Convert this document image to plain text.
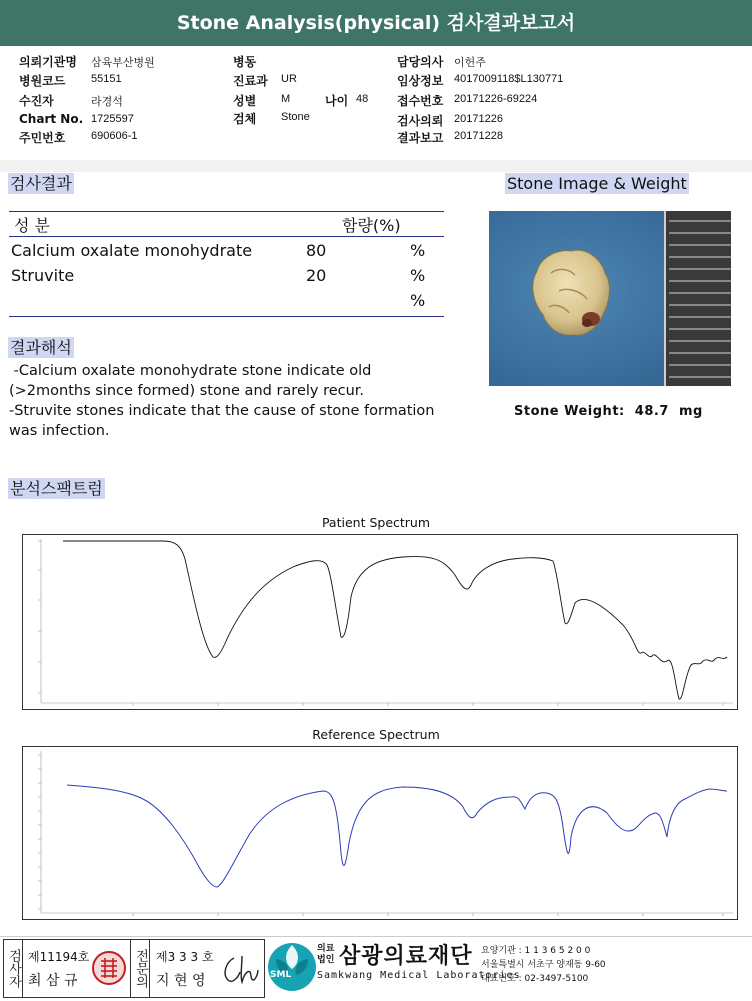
Stone Analysis(physical) 검사결과보고서
의뢰기관명 삼육부산병원
병원코드 55151
수진자	라경석
Chart No. 1725597
주민번호 690606-1
병동
진료과 UR
성별 M	나이 48
검체 Stone
담당의사 이헌주
임상정보 4017009118$L130771
접수번호 20171226-69224
검사의뢰 20171226
결과보고 20171228
검사결과
성 분	함량(%)
Calcium oxalate monohydrate	80	%
Struvite	20	%
%
Stone Image & Weight
Stone Weight: 48.7 mg
결과해석
-Calcium oxalate monohydrate stone indicate old
(>2months since formed) stone and rarely recur.
-Struvite stones indicate that the cause of stone formation
was infection.
분석스팩트럼
Patient Spectrum
Reference Spectrum
검사자 제11194호
최 삼 규	전문의 제3 3 3 호
지 현 영	SML
의료
법인 삼광의료재단
Samkwang Medical Laboratories
요양기관 : 1 1 3 6 5 2 0 0
서울특별시 서초구 양재동 9-60
대표번호 : 02-3497-5100
